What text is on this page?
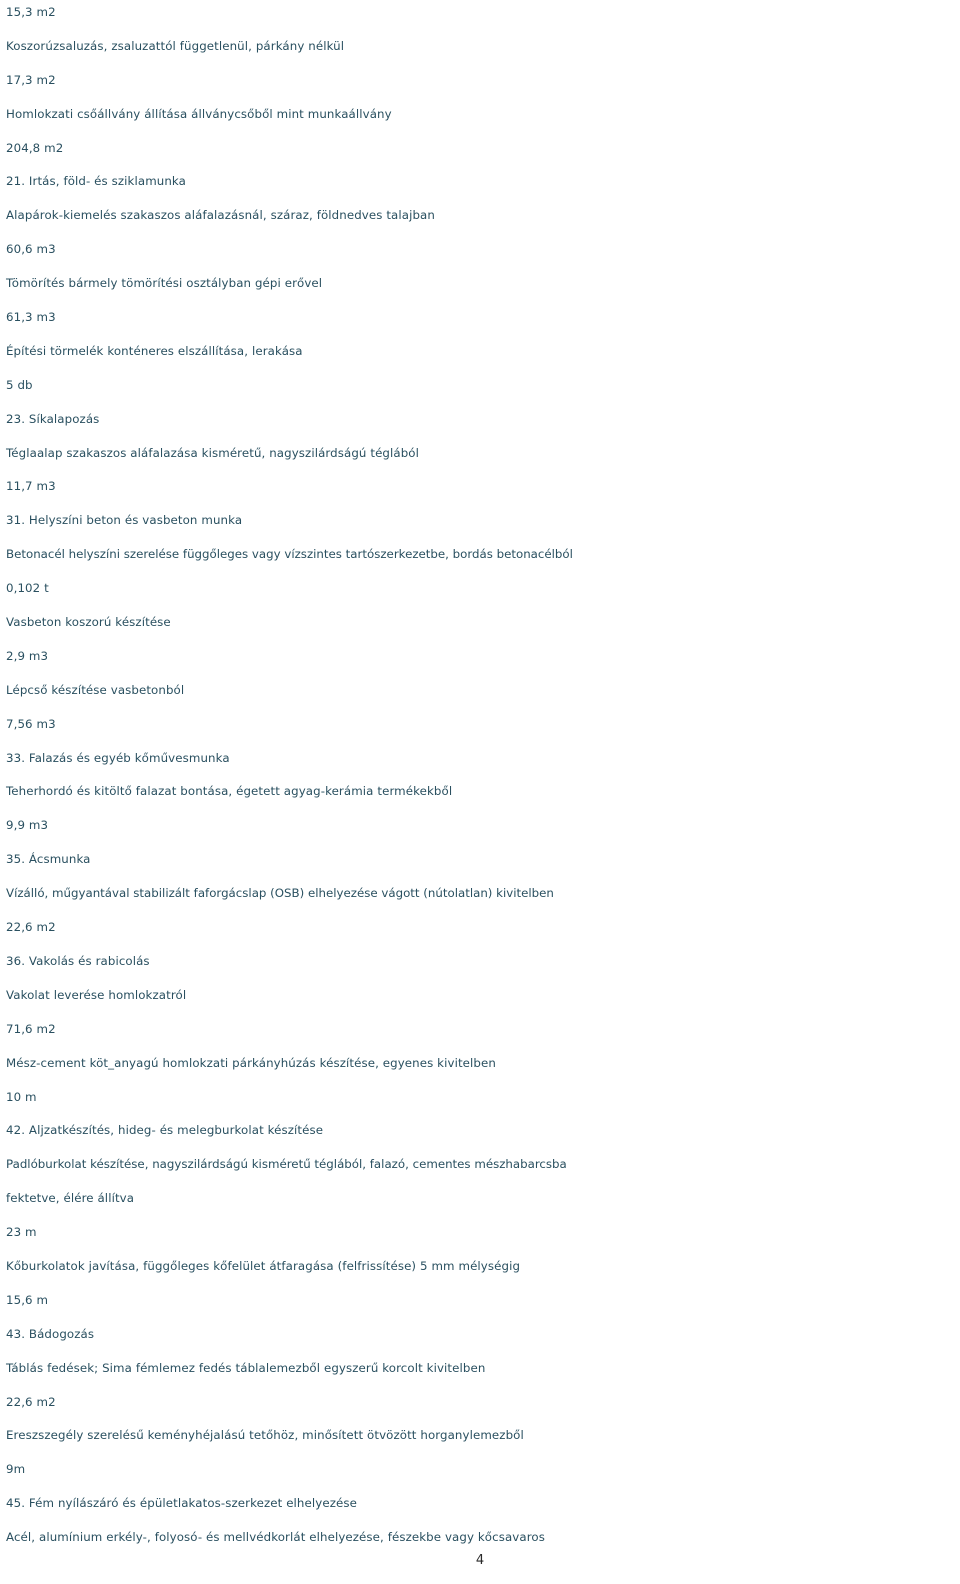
15,3 m2
Koszorúzsaluzás, zsaluzattól függetlenül, párkány nélkül
17,3 m2
Homlokzati csőállvány állítása állványcsőből mint munkaállvány
204,8 m2
21. Irtás, föld- és sziklamunka
Alapárok-kiemelés szakaszos aláfalazásnál, száraz, földnedves talajban
60,6 m3
Tömörítés bármely tömörítési osztályban gépi erővel
61,3 m3
Építési törmelék konténeres elszállítása, lerakása
5 db
23. Síkalapozás
Téglaalap szakaszos aláfalazása kisméretű, nagyszilárdságú téglából
11,7 m3
31. Helyszíni beton és vasbeton munka
Betonacél helyszíni szerelése függőleges vagy vízszintes tartószerkezetbe, bordás betonacélból
0,102 t
Vasbeton koszorú készítése
2,9 m3
Lépcső készítése vasbetonból
7,56 m3
33. Falazás és egyéb kőművesmunka
Teherhordó és kitöltő falazat bontása, égetett agyag-kerámia termékekből
9,9 m3
35. Ácsmunka
Vízálló, műgyantával stabilizált faforgácslap (OSB) elhelyezése vágott (nútolatlan) kivitelben
22,6 m2
36. Vakolás és rabicolás
Vakolat leverése homlokzatról
71,6 m2
Mész-cement köt_anyagú homlokzati párkányhúzás készítése, egyenes kivitelben
10 m
42. Aljzatkészítés, hideg- és melegburkolat készítése
Padlóburkolat készítése, nagyszilárdságú kisméretű téglából, falazó, cementes mészhabarcsba
fektetve, élére állítva
23 m
Kőburkolatok javítása, függőleges kőfelület átfaragása (felfrissítése) 5 mm mélységig
15,6 m
43. Bádogozás
Táblás fedések; Sima fémlemez fedés táblalemezből egyszerű korcolt kivitelben
22,6 m2
Ereszszegély szerelésű keményhéjalású tetőhöz, minősített ötvözött horganylemezből
9m
45. Fém nyílászáró és épületlakatos-szerkezet elhelyezése
Acél, alumínium erkély-, folyosó- és mellvédkorlát elhelyezése, fészekbe vagy kőcsavaros
4
